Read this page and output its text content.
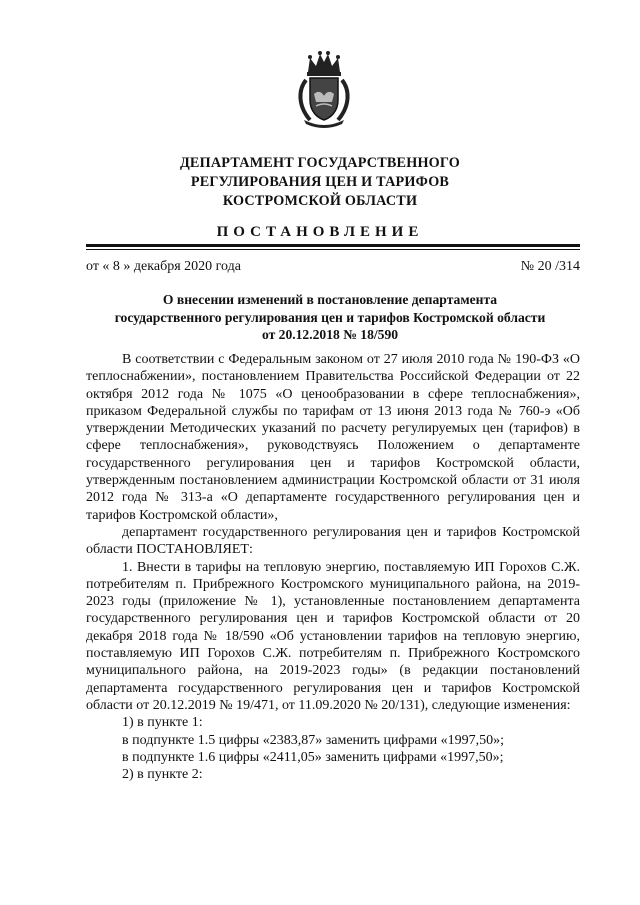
ДЕПАРТАМЕНТ ГОСУДАРСТВЕННОГО
РЕГУЛИРОВАНИЯ ЦЕН И ТАРИФОВ
КОСТРОМСКОЙ ОБЛАСТИ
ПОСТАНОВЛЕНИЕ
от « 8 » декабря 2020 года	№ 20 /314
О внесении изменений в постановление департамента
государственного регулирования цен и тарифов Костромской области
от 20.12.2018 № 18/590

В соответствии с Федеральным законом от 27 июля 2010 года № 190-ФЗ «О теплоснабжении», постановлением Правительства Российской Федерации от 22 октября 2012 года № 1075 «О ценообразовании в сфере теплоснабжения», приказом Федеральной службы по тарифам от 13 июня 2013 года № 760-э «Об утверждении Методических указаний по расчету регулируемых цен (тарифов) в сфере теплоснабжения», руководствуясь Положением о департаменте государственного регулирования цен и тарифов Костромской области, утвержденным постановлением администрации Костромской области от 31 июля 2012 года № 313-а «О департаменте государственного регулирования цен и тарифов Костромской области»,

департамент государственного регулирования цен и тарифов Костромской области ПОСТАНОВЛЯЕТ:

1. Внести в тарифы на тепловую энергию, поставляемую ИП Горохов С.Ж. потребителям п. Прибрежного Костромского муниципального района, на 2019-2023 годы (приложение № 1), установленные постановлением департамента государственного регулирования цен и тарифов Костромской области от 20 декабря 2018 года № 18/590 «Об установлении тарифов на тепловую энергию, поставляемую ИП Горохов С.Ж. потребителям п. Прибрежного Костромского муниципального района, на 2019-2023 годы» (в редакции постановлений департамента государственного регулирования цен и тарифов Костромской области от 20.12.2019 № 19/471, от 11.09.2020 № 20/131), следующие изменения:

1) в пункте 1:

в подпункте 1.5 цифры «2383,87» заменить цифрами «1997,50»;

в подпункте 1.6 цифры «2411,05» заменить цифрами «1997,50»;

2) в пункте 2:
